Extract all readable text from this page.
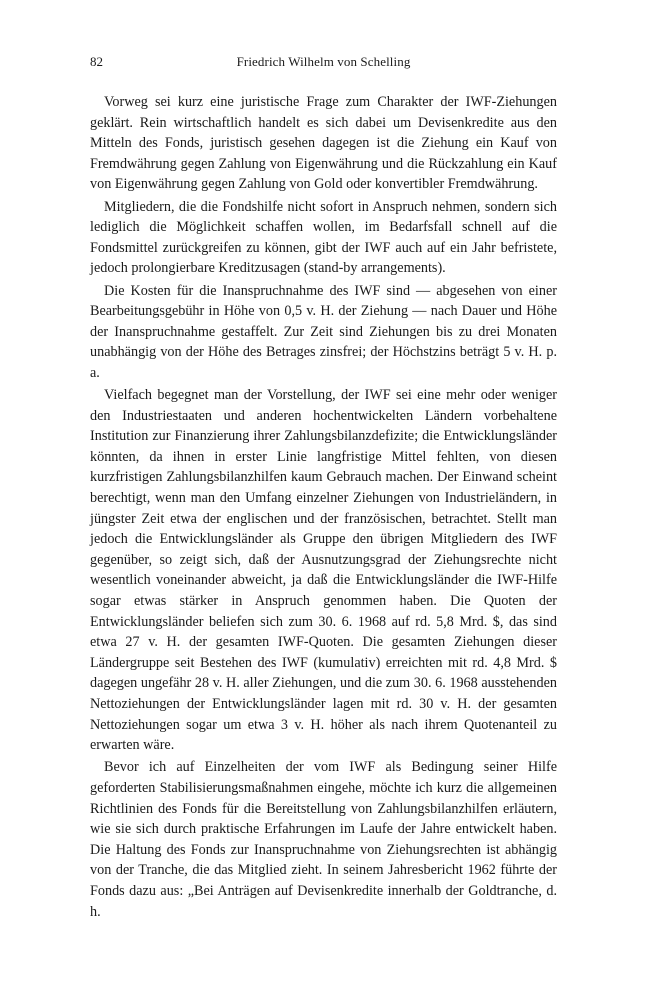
82	Friedrich Wilhelm von Schelling

Vorweg sei kurz eine juristische Frage zum Charakter der IWF-Ziehungen geklärt. Rein wirtschaftlich handelt es sich dabei um Devisenkredite aus den Mitteln des Fonds, juristisch gesehen dagegen ist die Ziehung ein Kauf von Fremdwährung gegen Zahlung von Eigenwährung und die Rückzahlung ein Kauf von Eigenwährung gegen Zahlung von Gold oder konvertibler Fremdwährung.

Mitgliedern, die die Fondshilfe nicht sofort in Anspruch nehmen, sondern sich lediglich die Möglichkeit schaffen wollen, im Bedarfsfall schnell auf die Fondsmittel zurückgreifen zu können, gibt der IWF auch auf ein Jahr befristete, jedoch prolongierbare Kreditzusagen (stand-by arrangements).

Die Kosten für die Inanspruchnahme des IWF sind — abgesehen von einer Bearbeitungsgebühr in Höhe von 0,5 v. H. der Ziehung — nach Dauer und Höhe der Inanspruchnahme gestaffelt. Zur Zeit sind Ziehungen bis zu drei Monaten unabhängig von der Höhe des Betrages zinsfrei; der Höchstzins beträgt 5 v. H. p. a.

Vielfach begegnet man der Vorstellung, der IWF sei eine mehr oder weniger den Industriestaaten und anderen hochentwickelten Ländern vorbehaltene Institution zur Finanzierung ihrer Zahlungsbilanzdefizite; die Entwicklungsländer könnten, da ihnen in erster Linie langfristige Mittel fehlten, von diesen kurzfristigen Zahlungsbilanzhilfen kaum Gebrauch machen. Der Einwand scheint berechtigt, wenn man den Umfang einzelner Ziehungen von Industrieländern, in jüngster Zeit etwa der englischen und der französischen, betrachtet. Stellt man jedoch die Entwicklungsländer als Gruppe den übrigen Mitgliedern des IWF gegenüber, so zeigt sich, daß der Ausnutzungsgrad der Ziehungsrechte nicht wesentlich voneinander abweicht, ja daß die Entwicklungsländer die IWF-Hilfe sogar etwas stärker in Anspruch genommen haben. Die Quoten der Entwicklungsländer beliefen sich zum 30. 6. 1968 auf rd. 5,8 Mrd. $, das sind etwa 27 v. H. der gesamten IWF-Quoten. Die gesamten Ziehungen dieser Ländergruppe seit Bestehen des IWF (kumulativ) erreichten mit rd. 4,8 Mrd. $ dagegen ungefähr 28 v. H. aller Ziehungen, und die zum 30. 6. 1968 ausstehenden Nettoziehungen der Entwicklungsländer lagen mit rd. 30 v. H. der gesamten Nettoziehungen sogar um etwa 3 v. H. höher als nach ihrem Quotenanteil zu erwarten wäre.

Bevor ich auf Einzelheiten der vom IWF als Bedingung seiner Hilfe geforderten Stabilisierungsmaßnahmen eingehe, möchte ich kurz die allgemeinen Richtlinien des Fonds für die Bereitstellung von Zahlungsbilanzhilfen erläutern, wie sie sich durch praktische Erfahrungen im Laufe der Jahre entwickelt haben. Die Haltung des Fonds zur Inanspruchnahme von Ziehungsrechten ist abhängig von der Tranche, die das Mitglied zieht. In seinem Jahresbericht 1962 führte der Fonds dazu aus: „Bei Anträgen auf Devisenkredite innerhalb der Goldtranche, d. h.
